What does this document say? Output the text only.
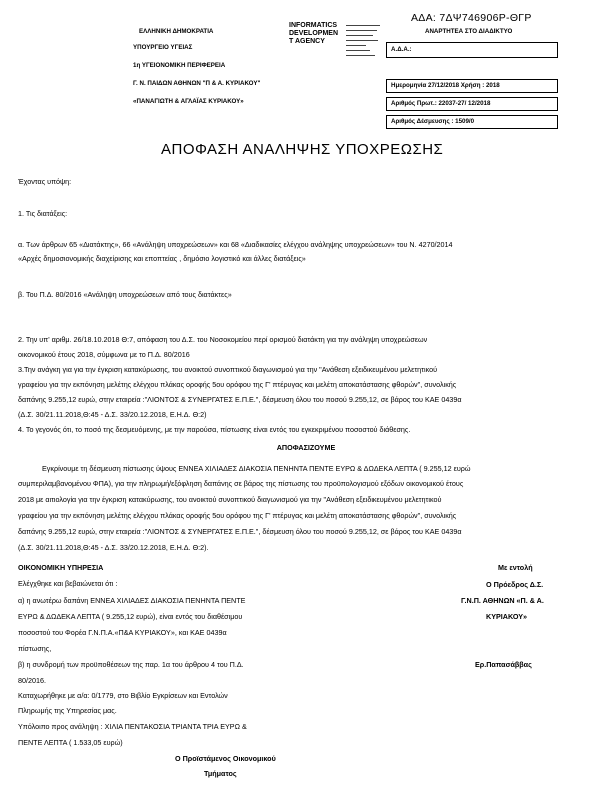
ΕΛΛΗΝΙΚΗ ΔΗΜΟΚΡΑΤΙΑ
ΥΠΟΥΡΓΕΙΟ ΥΓΕΙΑΣ
1η ΥΓΕΙΟΝΟΜΙΚΗ ΠΕΡΙΦΕΡΕΙΑ
Γ. Ν. ΠΑΙΔΩΝ ΑΘΗΝΩΝ "Π & Α. ΚΥΡΙΑΚΟΥ"
«ΠΑΝΑΓΙΩΤΗ & ΑΓΛΑΪΑΣ ΚΥΡΙΑΚΟΥ»
INFORMATICS
DEVELOPMEN
T AGENCY
ΑΔΑ: 7ΔΨ746906Ρ-ΘΓΡ
ΑΝΑΡΤΗΤΕΑ ΣΤΟ ΔΙΑΔΙΚΤΥΟ
Α.Δ.Α.:
Ημερομηνία 27/12/2018 Χρήση : 2018
Αριθμός Πρωτ.: 22037-27/ 12/2018
Αριθμός Δέσμευσης : 1509/0
ΑΠΟΦΑΣΗ ΑΝΑΛΗΨΗΣ ΥΠΟΧΡΕΩΣΗΣ
Έχοντας υπόψη:
1. Τις διατάξεις:
α. Των άρθρων 65 «Διατάκτης», 66 «Ανάληψη υποχρεώσεων» και 68 «Διαδικασίες ελέγχου ανάληψης υποχρεώσεων» του Ν. 4270/2014
«Αρχές δημοσιονομικής διαχείρισης και εποπτείας , δημόσιο λογιστικό και άλλες διατάξεις»
β. Του Π.Δ. 80/2016 «Ανάληψη υποχρεώσεων από τους διατάκτες»
2. Την υπ' αριθμ. 26/18.10.2018 Θ:7, απόφαση του Δ.Σ. του Νοσοκομείου περί ορισμού διατάκτη για την ανάληψη υποχρεώσεων
οικονομικού έτους 2018, σύμφωνα με το Π.Δ. 80/2016
3.Την ανάγκη για για την έγκριση κατακύρωσης, του ανοικτού συνοπτικού διαγωνισμού για την "Ανάθεση εξειδικευμένου μελετητικού
γραφείου για την εκπόνηση μελέτης ελέγχου πλάκας οροφής 5ου ορόφου της Γ' πτέρυγας και μελέτη αποκατάστασης φθορών", συνολικής
δαπάνης 9.255,12 ευρώ, στην εταιρεία :"ΛΙΟΝΤΟΣ & ΣΥΝΕΡΓΑΤΕΣ Ε.Π.Ε.", δέσμευση όλου του ποσού 9.255,12, σε βάρος του ΚΑΕ 0439α
(Δ.Σ. 30/21.11.2018,Θ:45 - Δ.Σ. 33/20.12.2018, Ε.Η.Δ. Θ:2)
4. Το γεγονός ότι, το ποσό της δεσμευόμενης, με την παρούσα, πίστωσης είναι εντός του εγκεκριμένου ποσοστού διάθεσης.
ΑΠΟΦΑΣΙΖΟΥΜΕ
Εγκρίνουμε τη δέσμευση πίστωσης ύψους ΕΝΝΕΑ ΧΙΛΙΑΔΕΣ ΔΙΑΚΟΣΙΑ ΠΕΝΗΝΤΑ ΠΕΝΤΕ ΕΥΡΩ & ΔΩΔΕΚΑ ΛΕΠΤΑ ( 9.255,12 ευρώ
συμπεριλαμβανομένου ΦΠΑ), για την πληρωμή/εξόφληση δαπάνης σε βάρος της πίστωσης του προϋπολογισμού εξόδων οικονομικού έτους
2018 με αιτιολογία για την έγκριση κατακύρωσης, του ανοικτού συνοπτικού διαγωνισμού για την "Ανάθεση εξειδικευμένου μελετητικού
γραφείου για την εκπόνηση μελέτης ελέγχου πλάκας οροφής 5ου ορόφου της Γ' πτέρυγας και μελέτη αποκατάστασης φθορών", συνολικής
δαπάνης 9.255,12 ευρώ, στην εταιρεία :"ΛΙΟΝΤΟΣ & ΣΥΝΕΡΓΑΤΕΣ Ε.Π.Ε.", δέσμευση όλου του ποσού 9.255,12, σε βάρος του ΚΑΕ 0439α
(Δ.Σ. 30/21.11.2018,Θ:45 - Δ.Σ. 33/20.12.2018, Ε.Η.Δ. Θ:2).
ΟΙΚΟΝΟΜΙΚΗ ΥΠΗΡΕΣΙΑ
Ελέγχθηκε και βεβαιώνεται ότι :
α) η ανωτέρω δαπάνη ΕΝΝΕΑ ΧΙΛΙΑΔΕΣ ΔΙΑΚΟΣΙΑ ΠΕΝΗΝΤΑ ΠΕΝΤΕ
ΕΥΡΩ & ΔΩΔΕΚΑ ΛΕΠΤΑ ( 9.255,12 ευρώ), είναι εντός του διαθέσιμου
ποσοστού του Φορέα Γ.Ν.Π.Α.«Π&Α ΚΥΡΙΑΚΟΥ», και ΚΑΕ 0439α
πίστωσης,
β) η συνδρομή των προϋποθέσεων της παρ. 1α του άρθρου 4 του Π.Δ.
80/2016.
Καταχωρήθηκε με α/α: 0/1779, στο Βιβλίο Εγκρίσεων και Εντολών
Πληρωμής της Υπηρεσίας μας.
Υπόλοιπο προς ανάληψη : ΧΙΛΙΑ ΠΕΝΤΑΚΟΣΙΑ ΤΡΙΑΝΤΑ ΤΡΙΑ ΕΥΡΩ &
ΠΕΝΤΕ ΛΕΠΤΑ ( 1.533,05 ευρώ)
Ο Προϊστάμενος Οικονομικού
Τμήματος
Με εντολή
Ο Πρόεδρος Δ.Σ.
Γ.Ν.Π. ΑΘΗΝΩΝ «Π. & Α.
ΚΥΡΙΑΚΟΥ»
Ερ.Παπασάββας
